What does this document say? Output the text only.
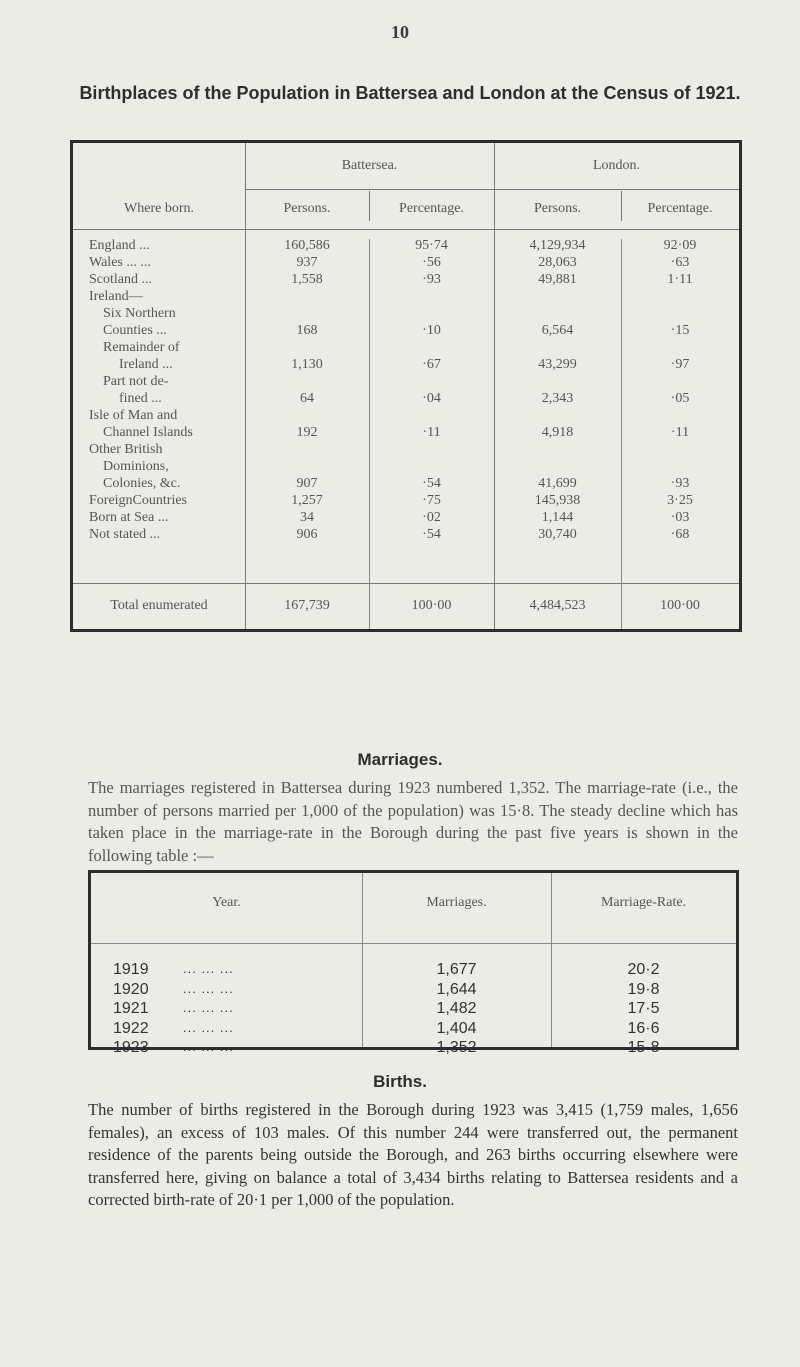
10
Birthplaces of the Population in Battersea and London at the Census of 1921.
Battersea.	London.
Where born.	Persons.	Percentage.	Persons.	Percentage.
England ...	160,586	95·74	4,129,934	92·09
Wales ... ...	937	·56	28,063	·63
Scotland ...	1,558	·93	49,881	1·11
Ireland—
Six Northern
Counties ...	168	·10	6,564	·15
Remainder of
Ireland ...	1,130	·67	43,299	·97
Part not de-
fined ...	64	·04	2,343	·05
Isle of Man and
Channel Islands	192	·11	4,918	·11
Other British
Dominions,
Colonies, &c.	907	·54	41,699	·93
ForeignCountries	1,257	·75	145,938	3·25
Born at Sea ...	34	·02	1,144	·03
Not stated ...	906	·54	30,740	·68
Total enumerated	167,739	100·00	4,484,523	100·00
Marriages.
The marriages registered in Battersea during 1923 numbered 1,352. The marriage-rate (i.e., the number of persons married per 1,000 of the population) was 15·8. The steady decline which has taken place in the marriage-rate in the Borough during the past five years is shown in the following table :—
Year.	Marriages.	Marriage-Rate.
1919	... ... ...	1,677	20·2
1920	... ... ...	1,644	19·8
1921	... ... ...	1,482	17·5
1922	... ... ...	1,404	16·6
1923	... ... ...	1,352	15·8
Births.
The number of births registered in the Borough during 1923 was 3,415 (1,759 males, 1,656 females), an excess of 103 males. Of this number 244 were transferred out, the permanent residence of the parents being outside the Borough, and 263 births occurring elsewhere were transferred here, giving on balance a total of 3,434 births relating to Battersea residents and a corrected birth-rate of 20·1 per 1,000 of the population.
